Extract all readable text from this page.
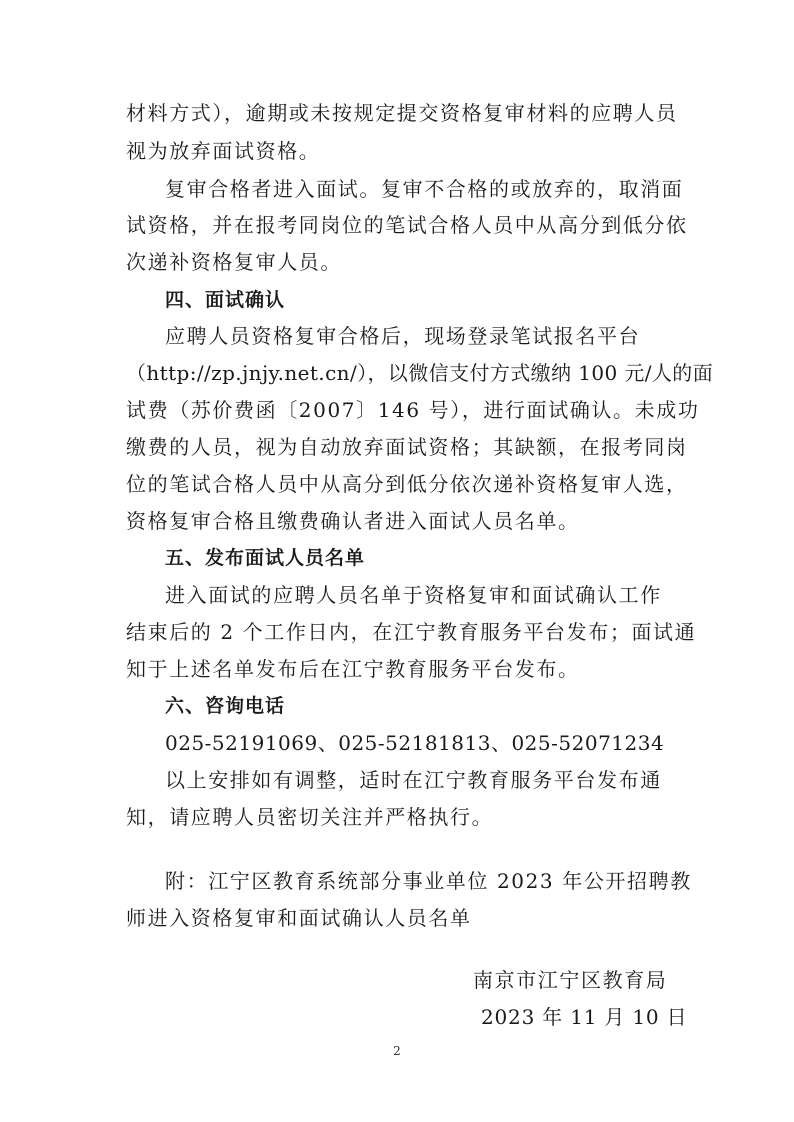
材料方式），逾期或未按规定提交资格复审材料的应聘人员
视为放弃面试资格。
复审合格者进入面试。复审不合格的或放弃的，取消面
试资格，并在报考同岗位的笔试合格人员中从高分到低分依
次递补资格复审人员。
四、面试确认
应聘人员资格复审合格后，现场登录笔试报名平台
（http://zp.jnjy.net.cn/），以微信支付方式缴纳 100 元/人的面
试费（苏价费函〔2007〕146 号），进行面试确认。未成功
缴费的人员，视为自动放弃面试资格；其缺额，在报考同岗
位的笔试合格人员中从高分到低分依次递补资格复审人选，
资格复审合格且缴费确认者进入面试人员名单。
五、发布面试人员名单
进入面试的应聘人员名单于资格复审和面试确认工作
结束后的 2 个工作日内，在江宁教育服务平台发布；面试通
知于上述名单发布后在江宁教育服务平台发布。
六、咨询电话
025-52191069、025-52181813、025-52071234
以上安排如有调整，适时在江宁教育服务平台发布通
知，请应聘人员密切关注并严格执行。
附：江宁区教育系统部分事业单位 2023 年公开招聘教
师进入资格复审和面试确认人员名单
南京市江宁区教育局
2023 年 11 月 10 日
2
